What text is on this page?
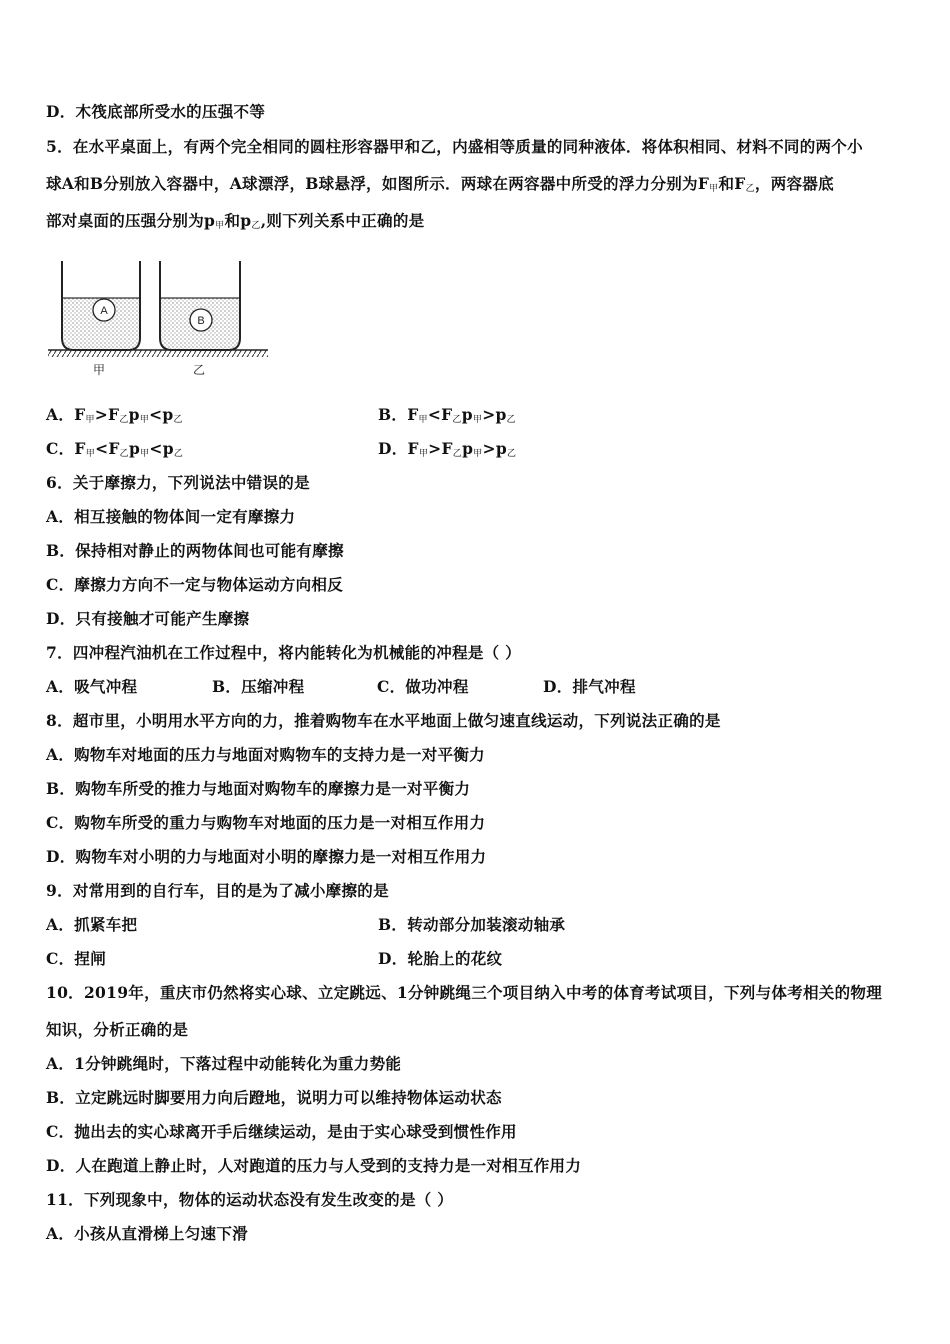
D．木筏底部所受水的压强不等
5．在水平桌面上，有两个完全相同的圆柱形容器甲和乙，内盛相等质量的同种液体．将体积相同、材料不同的两个小
球A和B分别放入容器中，A球漂浮，B球悬浮，如图所示．两球在两容器中所受的浮力分别为$F_甲$和$F_乙$，两容器底
部对桌面的压强分别为$p_甲$和$p_乙$,则下列关系中正确的是
A
B
甲	乙
A．$F_甲>F_乙p_甲<p_乙$	B．$F_甲<F_乙p_甲>p_乙$
C．$F_甲<F_乙p_甲<p_乙$	D．$F_甲>F_乙p_甲>p_乙$
6．关于摩擦力，下列说法中错误的是
A．相互接触的物体间一定有摩擦力
B．保持相对静止的两物体间也可能有摩擦
C．摩擦力方向不一定与物体运动方向相反
D．只有接触才可能产生摩擦
7．四冲程汽油机在工作过程中，将内能转化为机械能的冲程是（ ）
A．吸气冲程	B．压缩冲程	C．做功冲程	D．排气冲程
8．超市里，小明用水平方向的力，推着购物车在水平地面上做匀速直线运动，下列说法正确的是
A．购物车对地面的压力与地面对购物车的支持力是一对平衡力
B．购物车所受的推力与地面对购物车的摩擦力是一对平衡力
C．购物车所受的重力与购物车对地面的压力是一对相互作用力
D．购物车对小明的力与地面对小明的摩擦力是一对相互作用力
9．对常用到的自行车，目的是为了减小摩擦的是
A．抓紧车把	B．转动部分加装滚动轴承
C．捏闸	D．轮胎上的花纹
10．2019年，重庆市仍然将实心球、立定跳远、1分钟跳绳三个项目纳入中考的体育考试项目，下列与体考相关的物理
知识，分析正确的是
A．1分钟跳绳时，下落过程中动能转化为重力势能
B．立定跳远时脚要用力向后蹬地，说明力可以维持物体运动状态
C．抛出去的实心球离开手后继续运动，是由于实心球受到惯性作用
D．人在跑道上静止时，人对跑道的压力与人受到的支持力是一对相互作用力
11．下列现象中，物体的运动状态没有发生改变的是（ ）
A．小孩从直滑梯上匀速下滑
